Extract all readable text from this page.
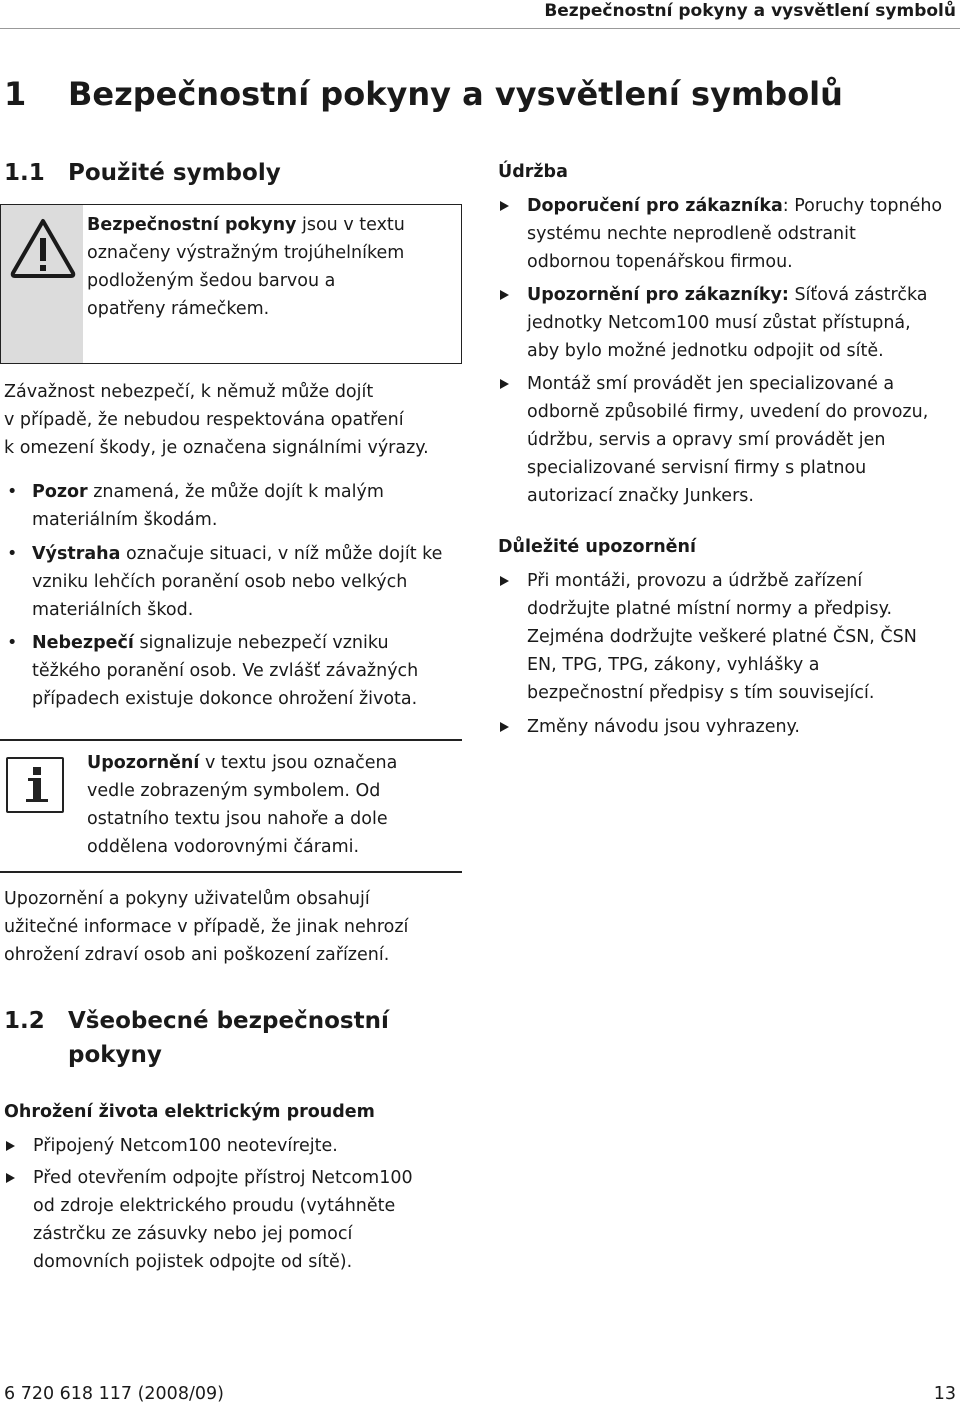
Bezpečnostní pokyny a vysvětlení symbolů
1 Bezpečnostní pokyny a vysvětlení symbolů
1.1	Použité symboly
Bezpečnostní pokyny jsou v textu
označeny výstražným trojúhelníkem
podloženým šedou barvou a
opatřeny rámečkem.
Závažnost nebezpečí, k němuž může dojít
v případě, že nebudou respektována opatření
k omezení škody, je označena signálními výrazy.
• Pozor znamená, že může dojít k malým
materiálním škodám.
• Výstraha označuje situaci, v níž může dojít ke
vzniku lehčích poranění osob nebo velkých
materiálních škod.
• Nebezpečí signalizuje nebezpečí vzniku
těžkého poranění osob. Ve zvlášť závažných
případech existuje dokonce ohrožení života.
Upozornění v textu jsou označena
vedle zobrazeným symbolem. Od
ostatního textu jsou nahoře a dole
oddělena vodorovnými čárami.
Upozornění a pokyny uživatelům obsahují
užitečné informace v případě, že jinak nehrozí
ohrožení zdraví osob ani poškození zařízení.
1.2	Všeobecné bezpečnostní
pokyny
Ohrožení života elektrickým proudem
Připojený Netcom100 neotevírejte.
Před otevřením odpojte přístroj Netcom100
od zdroje elektrického proudu (vytáhněte
zástrčku ze zásuvky nebo jej pomocí
domovních pojistek odpojte od sítě).
Údržba
Doporučení pro zákazníka: Poruchy topného
systému nechte neprodleně odstranit
odbornou topenářskou firmou.
Upozornění pro zákazníky: Síťová zástrčka
jednotky Netcom100 musí zůstat přístupná,
aby bylo možné jednotku odpojit od sítě.
Montáž smí provádět jen specializované a
odborně způsobilé firmy, uvedení do provozu,
údržbu, servis a opravy smí provádět jen
specializované servisní firmy s platnou
autorizací značky Junkers.
Důležité upozornění
Při montáži, provozu a údržbě zařízení
dodržujte platné místní normy a předpisy.
Zejména dodržujte veškeré platné ČSN, ČSN
EN, TPG, TPG, zákony, vyhlášky a
bezpečnostní předpisy s tím související.
Změny návodu jsou vyhrazeny.
6 720 618 117 (2008/09)	13
